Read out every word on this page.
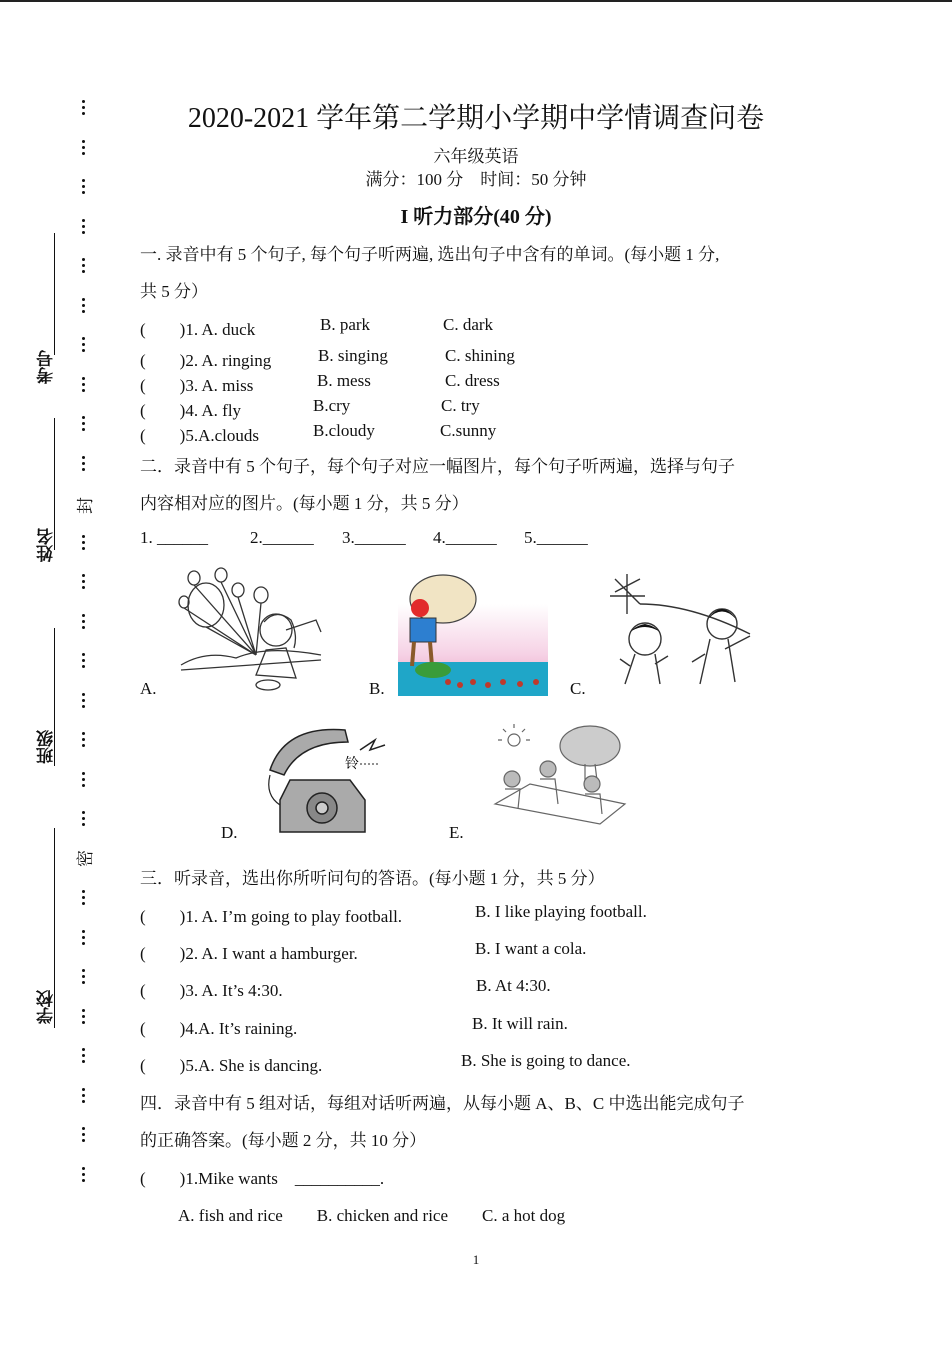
考号
姓名
班级
学校
封
密
2020-2021 学年第二学期小学期中学情调查问卷
六年级英语
满分：100 分　时间：50 分钟
I 听力部分(40 分)
一. 录音中有 5 个句子, 每个句子听两遍, 选出句子中含有的单词。(每小题 1 分,
共 5 分）
(　　)1. A. duck	B. park	C. dark
(　　)2. A. ringing	B. singing	C. shining
(　　)3. A. miss	B. mess	C. dress
(　　)4. A. fly	B.cry	C. try
(　　)5.A.clouds	B.cloudy	C.sunny
二．录音中有 5 个句子，每个句子对应一幅图片，每个句子听两遍，选择与句子
内容相对应的图片。(每小题 1 分，共 5 分）
1. ______ 2.______ 3.______ 4.______ 5.______
A.	B.	C.
铃
D.	E.
三．听录音，选出你所听问句的答语。(每小题 1 分，共 5 分）
(　　)1. A. I’m going to play football.	B. I like playing football.
(　　)2. A. I want a hamburger.	B. I want a cola.
(　　)3. A. It’s 4:30.	B. At 4:30.
(　　)4.A. It’s raining.	B. It will rain.
(　　)5.A. She is dancing.	B. She is going to dance.
四．录音中有 5 组对话，每组对话听两遍，从每小题 A、B、C 中选出能完成句子
的正确答案。(每小题 2 分，共 10 分）
(　　)1.Mike wants　__________.
A. fish and rice　　B. chicken and rice　　C. a hot dog
1
